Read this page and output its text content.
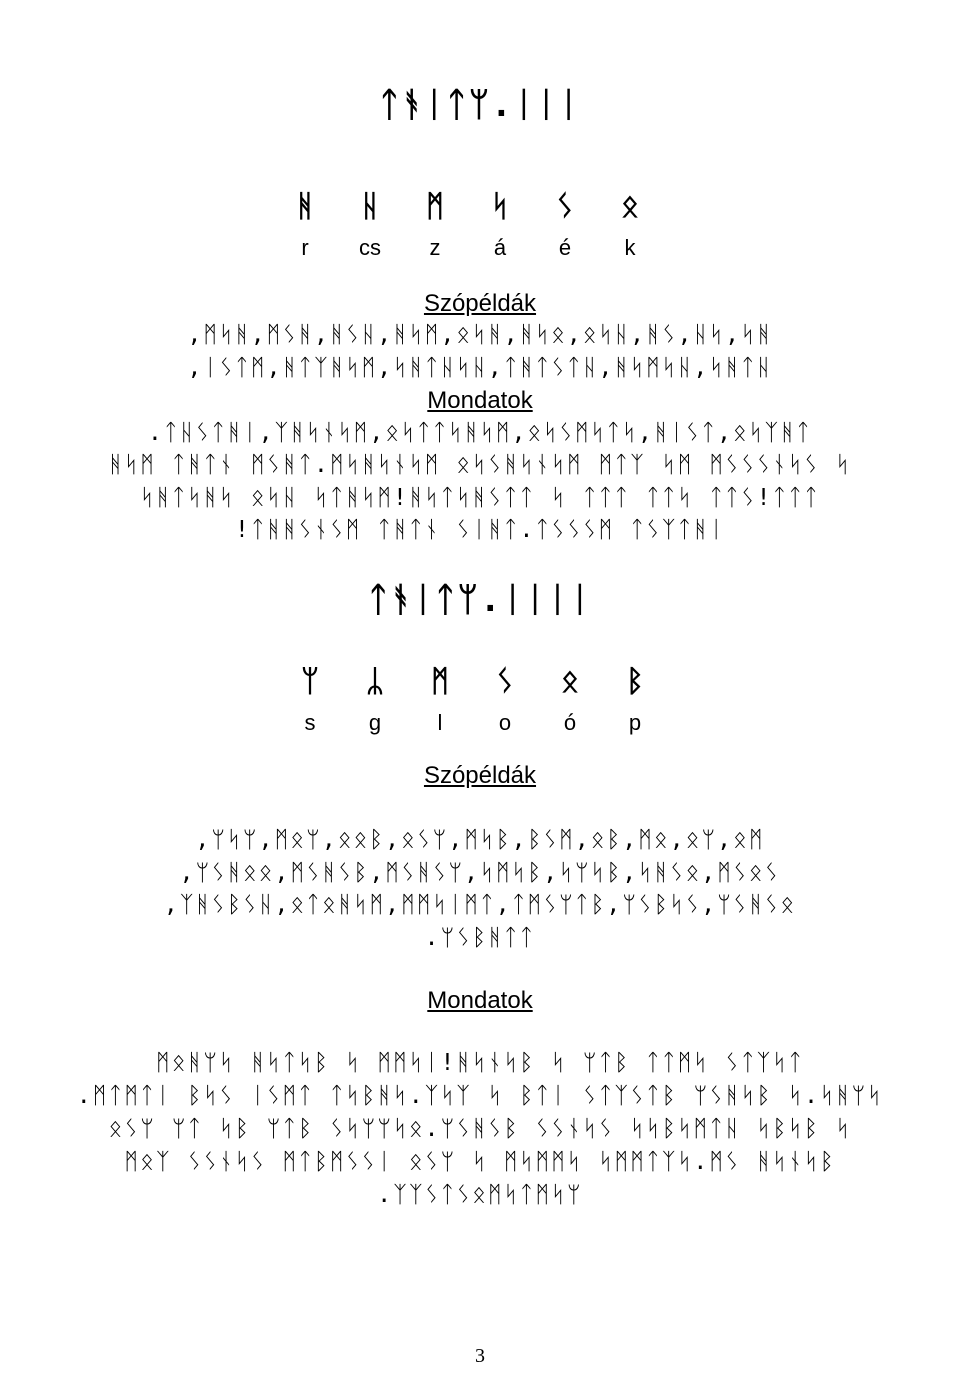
ᛏᚬᛁᛏᛘ.ᛁᛁᛁ
ᚻ ᚺ ᛗ ᛋ ᛊ ᛟ
r	cs	z	á	é	k
Szópéldák
,ᛗᛋᚻ,ᛗᛊᚻ,ᚻᛊᚺ,ᚻᛋᛗ,ᛟᛋᚻ,ᚻᛋᛟ,ᛟᛋᚺ,ᚻᛊ,ᚺᛋ,ᛋᚻ
,ᛁᛊᛏᛗ,ᚻᛏᛉᚻᛋᛗ,ᛋᚻᛏᚺᛋᚺ,ᛏᚻᛏᛊᛏᚺ,ᚻᛋᛗᛋᚺ,ᛋᚻᛏᚺ
Mondatok
.ᛏᚺᛊᛏᚻᛁ,ᛉᚻᛋᚾᛋᛗ,ᛟᛋᛏᛏᛋᚻᛋᛗ,ᛟᛋᛊᛗᛋᛏᛋ,ᚻᛁᛊᛏ,ᛟᛋᛉᚻᛏ
ᚻᛋᛗ ᛏᚻᛏᚾ ᛗᛊᚻᛏ.ᛗᛋᚻᛋᚾᛋᛗ ᛟᛋᛊᚻᛋᚾᛋᛗ ᛗᛏᛉ ᛋᛗ ᛗᛊᛊᛊᚾᛋᛊ ᛋ
ᛋᚻᛏᛋᚻᛋ ᛟᛋᚺ ᛋᛏᚻᛋᛗ!ᚻᛋᛏᛋᚻᛊᛏᛏ ᛋ ᛏᛏᛏ ᛏᛏᛋ ᛏᛏᛊ!ᛏᛏᛏ
!ᛏᚻᚻᛊᚾᛊᛗ ᛏᚻᛏᚾ ᛊᛁᚻᛏ.ᛏᛊᛊᛊᛗ ᛏᛊᛉᛏᚻᛁ
ᛏᚬᛁᛏᛘ.ᛁᛁᛁᛁ
ᛘ ᛦ ᛗ ᛊ ᛟ ᛒ
s	g	l	o	ó	p
Szópéldák
,ᛘᛋᛘ,ᛗᛟᛘ,ᛟᛟᛒ,ᛟᛊᛘ,ᛗᛋᛒ,ᛒᛊᛗ,ᛟᛒ,ᛗᛟ,ᛟᛘ,ᛟᛗ
,ᛘᛊᚻᛟᛟ,ᛗᛊᚻᛊᛒ,ᛗᛊᚻᛊᛘ,ᛋᛗᛋᛒ,ᛋᛘᛋᛒ,ᛋᚻᛊᛟ,ᛗᛊᛟᛊ
,ᛉᚻᛊᛒᛊᚺ,ᛟᛏᛟᚻᛋᛗ,ᛗᛗᛋᛁᛗᛏ,ᛏᛗᛊᛘᛏᛒ,ᛘᛊᛒᛋᛊ,ᛘᛊᚻᛊᛟ
.ᛘᛊᛒᚻᛏᛏ
Mondatok
ᛗᛟᚻᛘᛋ ᚻᛋᛏᛋᛒ ᛋ ᛗᛗᛋᛁ!ᚻᛋᚾᛋᛒ ᛋ ᛘᛏᛒ ᛏᛏᛗᛋ ᛊᛏᛉᛋᛏ
.ᛗᛏᛗᛏᛁ ᛒᛋᛊ ᛁᛊᛗᛏ ᛏᛋᛒᚻᛋ.ᛉᛋᛉ ᛋ ᛒᛏᛁ ᛊᛏᛉᛊᛏᛒ ᛘᛊᚻᛋᛒ ᛋ.ᛋᚻᛘᛋ
ᛟᛊᛘ ᛘᛏ ᛋᛒ ᛘᛏᛒ ᛊᛋᛘᛘᛋᛟ.ᛘᛊᚻᛊᛒ ᛊᛊᚾᛋᛊ ᛋᛋᛒᛋᛗᛏᚺ ᛋᛒᛋᛒ ᛋ
ᛗᛟᛉ ᛊᛊᚾᛋᛊ ᛗᛏᛒᛗᛊᛊᛁ ᛟᛊᛘ ᛋ ᛗᛋᛗᛗᛋ ᛋᛗᛗᛏᛉᛋ.ᛗᛊ ᚻᛋᚾᛋᛒ
.ᛉᛉᛊᛏᛊᛟᛗᛋᛏᛗᛋᛘ
3
